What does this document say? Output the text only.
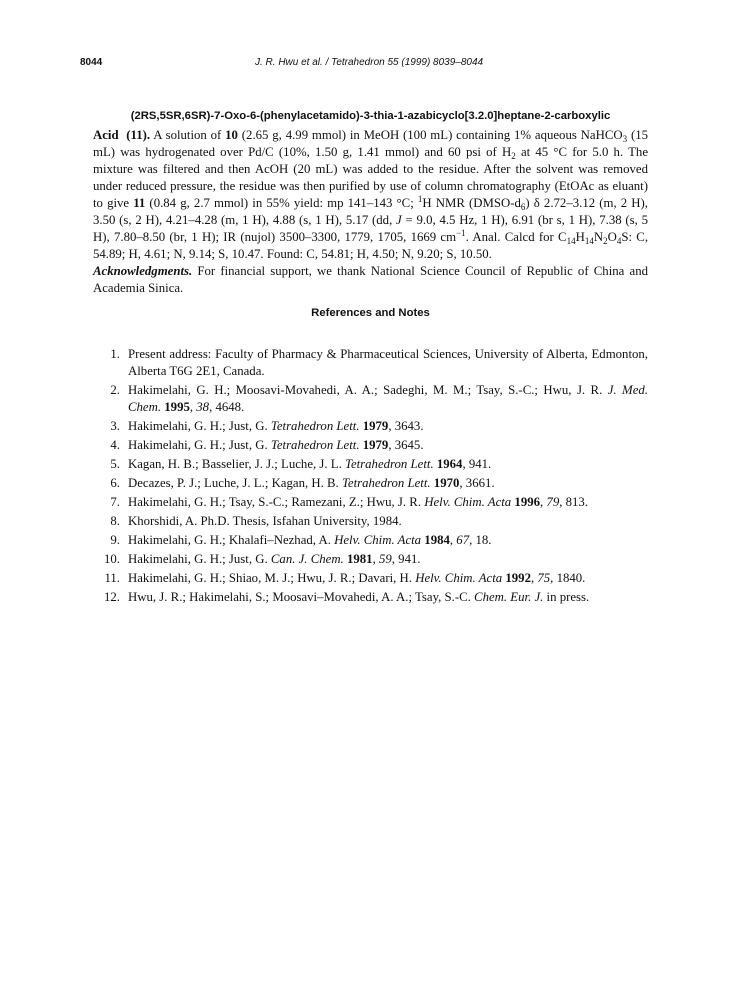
8044	J. R. Hwu et al. / Tetrahedron 55 (1999) 8039–8044
(2RS,5SR,6SR)-7-Oxo-6-(phenylacetamido)-3-thia-1-azabicyclo[3.2.0]heptane-2-carboxylic

Acid (11). A solution of 10 (2.65 g, 4.99 mmol) in MeOH (100 mL) containing 1% aqueous NaHCO$_3$ (15 mL) was hydrogenated over Pd/C (10%, 1.50 g, 1.41 mmol) and 60 psi of $H_2$ at 45 °C for 5.0 h. The mixture was filtered and then AcOH (20 mL) was added to the residue. After the solvent was removed under reduced pressure, the residue was then purified by use of column chromatography (EtOAc as eluant) to give 11 (0.84 g, 2.7 mmol) in 55% yield: mp 141–143 °C; $^1$H NMR $(DMSO-d_6)$ δ 2.72–3.12 (m, 2 H), 3.50 (s, 2 H), 4.21–4.28 (m, 1 H), 4.88 (s, 1 H), 5.17 (dd, J = 9.0, 4.5 Hz, 1 H), 6.91 (br s, 1 H), 7.38 (s, 5 H), 7.80–8.50 (br, 1 H); IR (nujol) 3500–3300, 1779, 1705, 1669 $cm^{-1}$. Anal. Calcd for $C_{14}H_{14}N_2O_4S$: C, 54.89; H, 4.61; N, 9.14; S, 10.47. Found: C, 54.81; H, 4.50; N, 9.20; S, 10.50.

Acknowledgments. For financial support, we thank National Science Council of Republic of China and Academia Sinica.

References and Notes
1. Present address: Faculty of Pharmacy & Pharmaceutical Sciences, University of Alberta, Edmonton, Alberta T6G 2E1, Canada.
2. Hakimelahi, G. H.; Moosavi-Movahedi, A. A.; Sadeghi, M. M.; Tsay, S.-C.; Hwu, J. R. J. Med. Chem. 1995, 38, 4648.
3. Hakimelahi, G. H.; Just, G. Tetrahedron Lett. 1979, 3643.
4. Hakimelahi, G. H.; Just, G. Tetrahedron Lett. 1979, 3645.
5. Kagan, H. B.; Basselier, J. J.; Luche, J. L. Tetrahedron Lett. 1964, 941.
6. Decazes, P. J.; Luche, J. L.; Kagan, H. B. Tetrahedron Lett. 1970, 3661.
7. Hakimelahi, G. H.; Tsay, S.-C.; Ramezani, Z.; Hwu, J. R. Helv. Chim. Acta 1996, 79, 813.
8. Khorshidi, A. Ph.D. Thesis, Isfahan University, 1984.
9. Hakimelahi, G. H.; Khalafi–Nezhad, A. Helv. Chim. Acta 1984, 67, 18.
10. Hakimelahi, G. H.; Just, G. Can. J. Chem. 1981, 59, 941.
11. Hakimelahi, G. H.; Shiao, M. J.; Hwu, J. R.; Davari, H. Helv. Chim. Acta 1992, 75, 1840.
12. Hwu, J. R.; Hakimelahi, S.; Moosavi–Movahedi, A. A.; Tsay, S.-C. Chem. Eur. J. in press.
